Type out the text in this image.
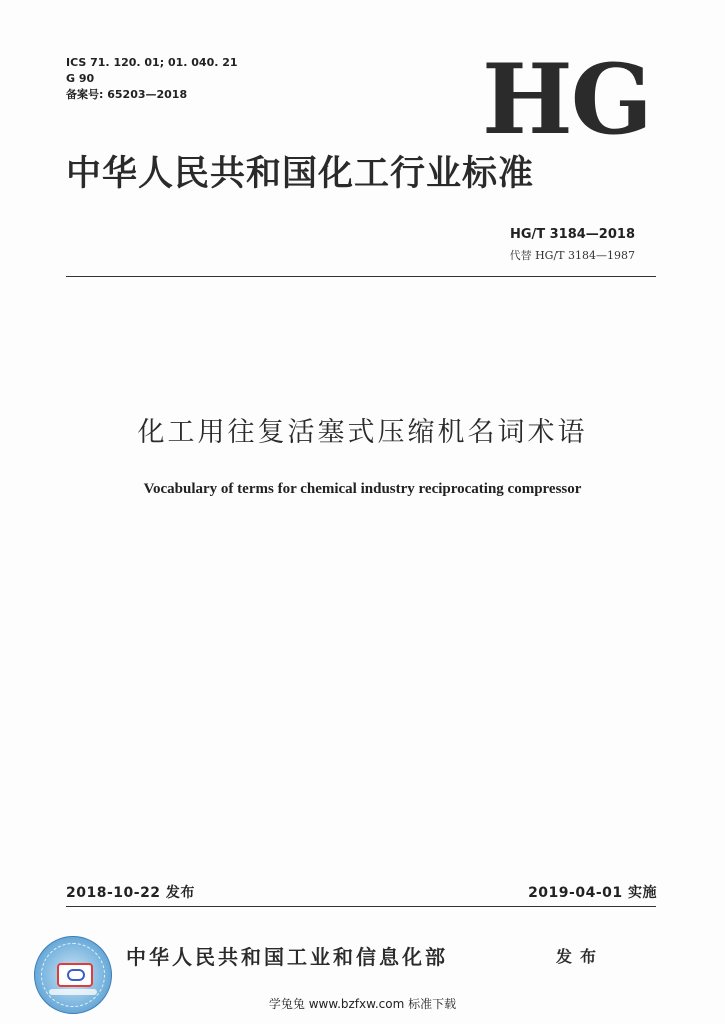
ICS 71. 120. 01; 01. 040. 21
G 90
备案号: 65203—2018	HG
中华人民共和国化工行业标准
HG/T 3184—2018
代替 HG/T 3184—1987
化工用往复活塞式压缩机名词术语
Vocabulary of terms for chemical industry reciprocating compressor
2018-10-22 发布	2019-04-01 实施
中华人民共和国工业和信息化部	发布
学兔兔 www.bzfxw.com 标准下载
